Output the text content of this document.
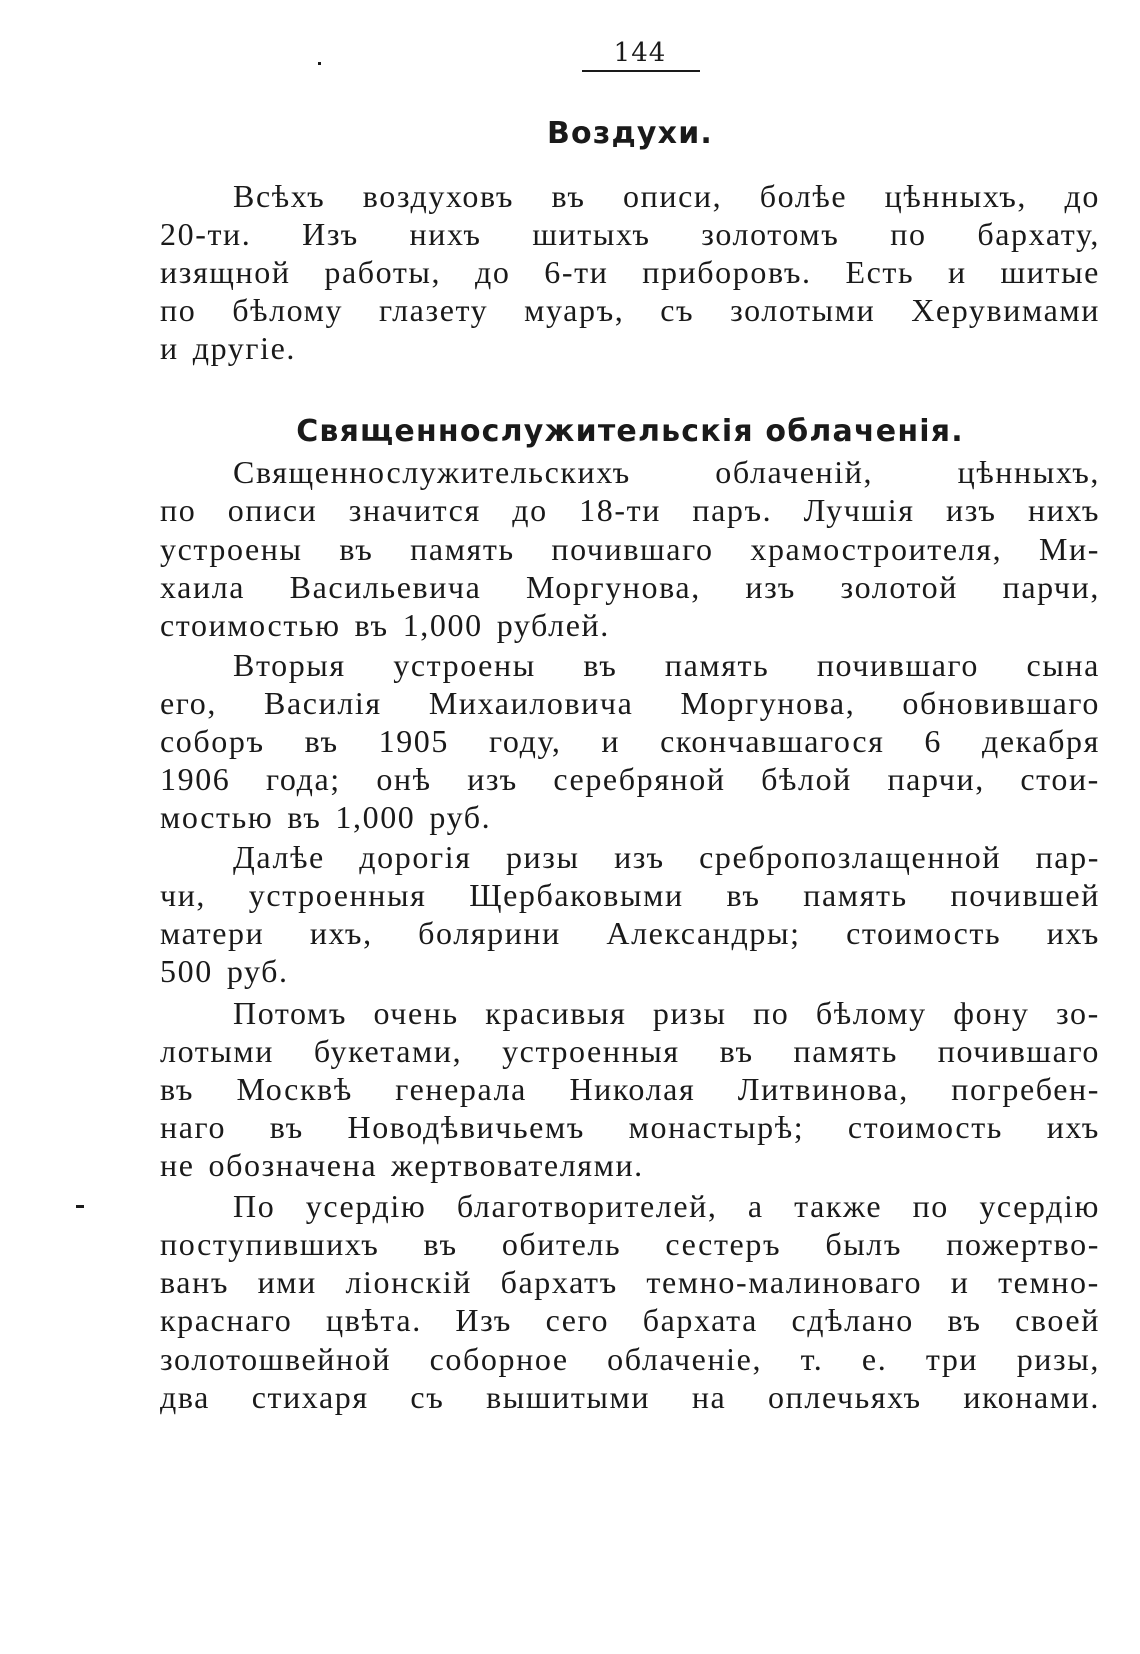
144
Воздухи.
Всѣхъ воздуховъ въ описи, болѣе цѣнныхъ, до
20-ти. Изъ нихъ шитыхъ золотомъ по бархату,
изящной работы, до 6-ти приборовъ. Есть и шитые
по бѣлому глазету муаръ, съ золотыми Херувимами
и другіе.
Священнослужительскія облаченія.
Священнослужительскихъ	облаченій,	цѣнныхъ,
по описи значится до 18-ти паръ. Лучшія изъ нихъ
устроены въ память почившаго храмостроителя, Ми-
хаила Васильевича Моргунова, изъ золотой парчи,
стоимостью въ 1,000 рублей.
Вторыя устроены въ память почившаго сына
его, Василія Михаиловича Моргунова, обновившаго
соборъ въ 1905 году, и скончавшагося 6 декабря
1906 года; онѣ изъ серебряной бѣлой парчи, стои-
мостью въ 1,000 руб.
Далѣе дорогія ризы изъ сребропозлащенной пар-
чи, устроенныя Щербаковыми въ память почившей
матери ихъ, болярини Александры; стоимость ихъ
500 руб.
Потомъ очень красивыя ризы по бѣлому фону зо-
лотыми букетами, устроенныя въ память почившаго
въ Москвѣ генерала Николая Литвинова, погребен-
наго въ Новодѣвичьемъ монастырѣ; стоимость ихъ
не обозначена жертвователями.
По усердію благотворителей, а также по усердію
поступившихъ въ обитель сестеръ былъ пожертво-
ванъ ими ліонскій бархатъ темно-малиноваго и темно-
краснаго цвѣта. Изъ сего бархата сдѣлано въ своей
золотошвейной соборное облаченіе, т. е. три ризы,
два стихаря съ вышитыми на оплечьяхъ иконами.
